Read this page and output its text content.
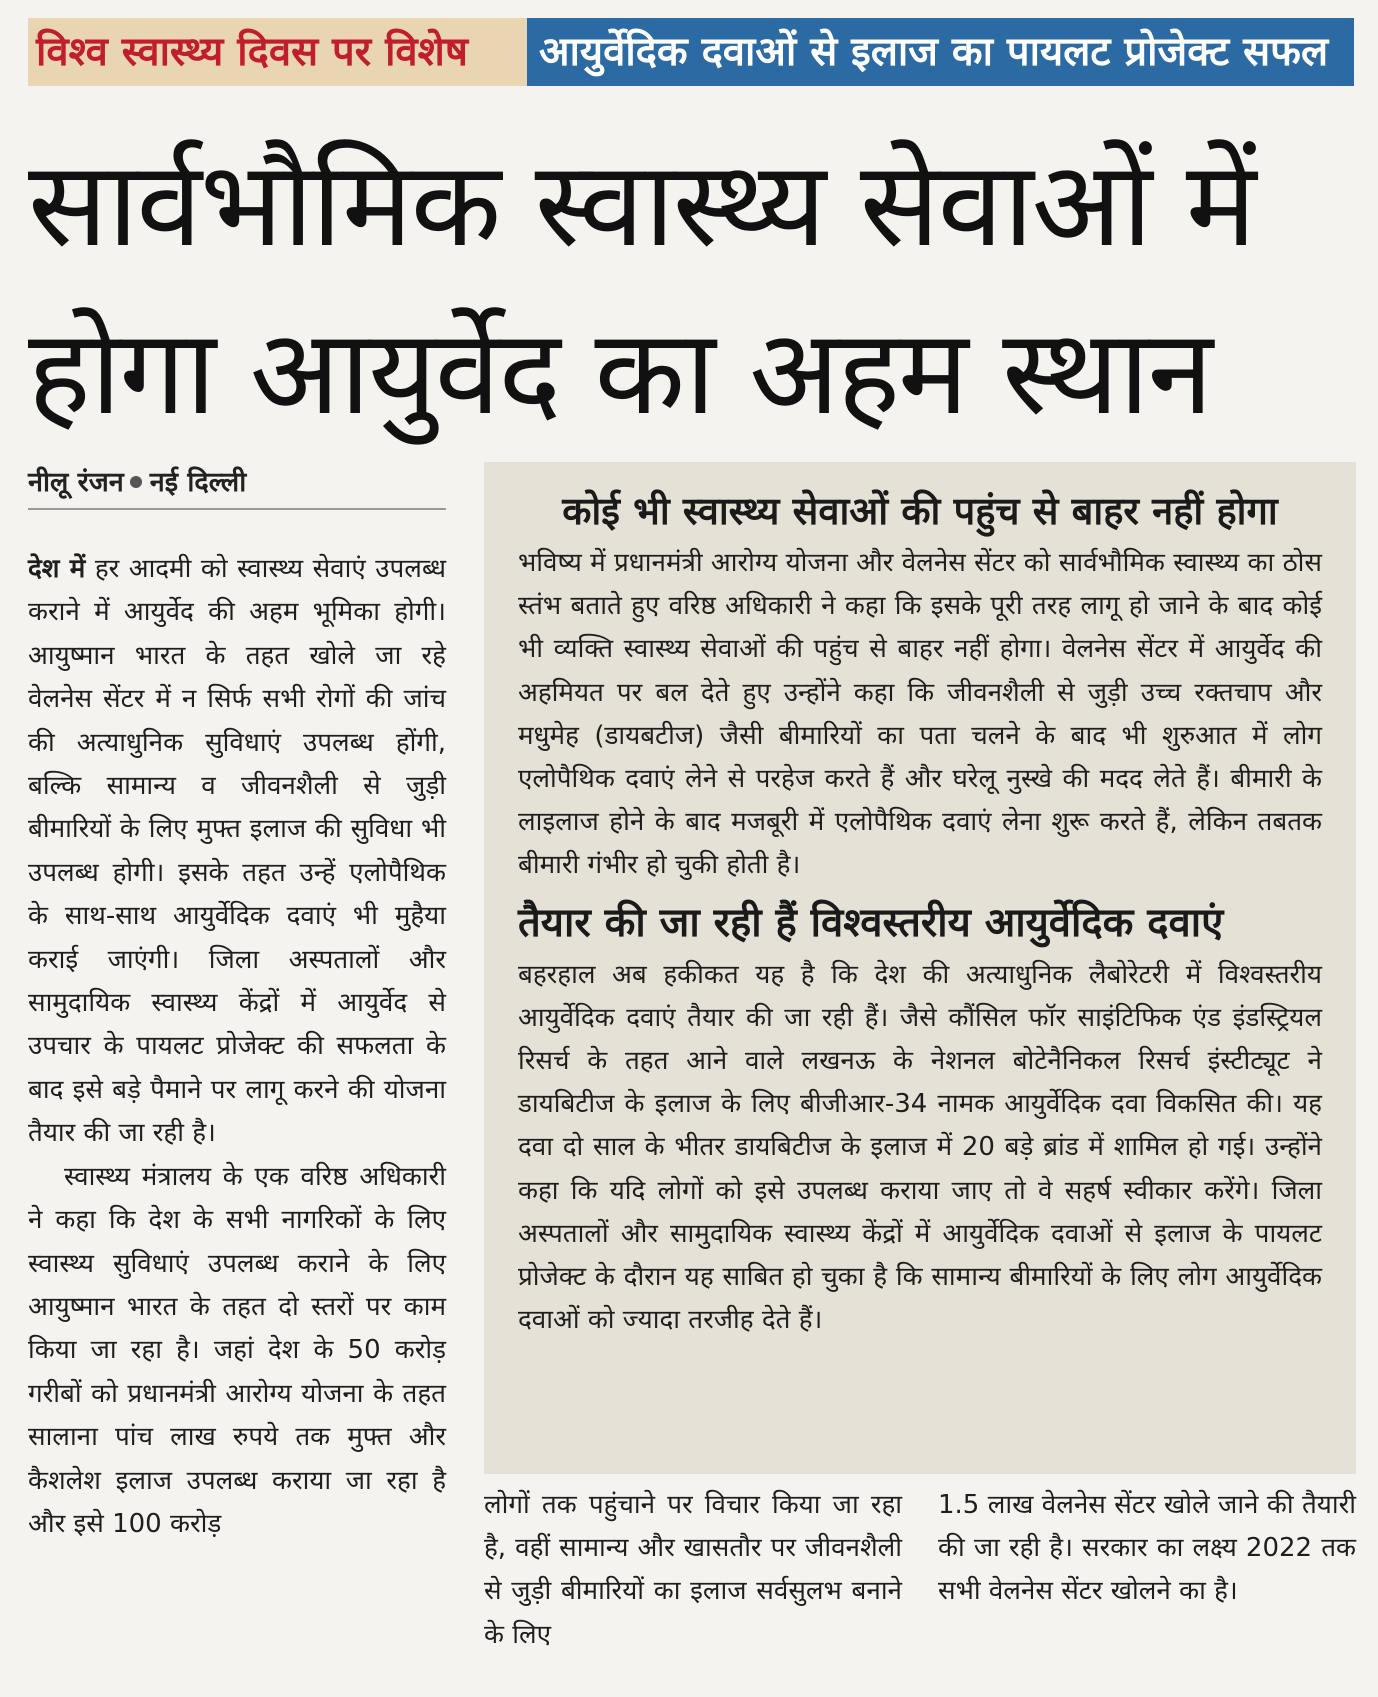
विश्व स्वास्थ्य दिवस पर विशेष	आयुर्वेदिक दवाओं से इलाज का पायलट प्रोजेक्ट सफल
सार्वभौमिक स्वास्थ्य सेवाओं में
होगा आयुर्वेद का अहम स्थान
नीलू रंजन नई दिल्ली

देश में हर आदमी को स्वास्थ्य सेवाएं उपलब्ध कराने में आयुर्वेद की अहम भूमिका होगी। आयुष्मान भारत के तहत खोले जा रहे वेलनेस सेंटर में न सिर्फ सभी रोगों की जांच की अत्याधुनिक सुविधाएं उपलब्ध होंगी, बल्कि सामान्य व जीवनशैली से जुड़ी बीमारियों के लिए मुफ्त इलाज की सुविधा भी उपलब्ध होगी। इसके तहत उन्हें एलोपैथिक के साथ-साथ आयुर्वेदिक दवाएं भी मुहैया कराई जाएंगी। जिला अस्पतालों और सामुदायिक स्वास्थ्य केंद्रों में आयुर्वेद से उपचार के पायलट प्रोजेक्ट की सफलता के बाद इसे बड़े पैमाने पर लागू करने की योजना तैयार की जा रही है।

स्वास्थ्य मंत्रालय के एक वरिष्ठ अधिकारी ने कहा कि देश के सभी नागरिकों के लिए स्वास्थ्य सुविधाएं उपलब्ध कराने के लिए आयुष्मान भारत के तहत दो स्तरों पर काम किया जा रहा है। जहां देश के 50 करोड़ गरीबों को प्रधानमंत्री आरोग्य योजना के तहत सालाना पांच लाख रुपये तक मुफ्त और कैशलेश इलाज उपलब्ध कराया जा रहा है और इसे 100 करोड़

कोई भी स्वास्थ्य सेवाओं की पहुंच से बाहर नहीं होगा

भविष्य में प्रधानमंत्री आरोग्य योजना और वेलनेस सेंटर को सार्वभौमिक स्वास्थ्य का ठोस स्तंभ बताते हुए वरिष्ठ अधिकारी ने कहा कि इसके पूरी तरह लागू हो जाने के बाद कोई भी व्यक्ति स्वास्थ्य सेवाओं की पहुंच से बाहर नहीं होगा। वेलनेस सेंटर में आयुर्वेद की अहमियत पर बल देते हुए उन्होंने कहा कि जीवनशैली से जुड़ी उच्च रक्तचाप और मधुमेह (डायबटीज) जैसी बीमारियों का पता चलने के बाद भी शुरुआत में लोग एलोपैथिक दवाएं लेने से परहेज करते हैं और घरेलू नुस्खे की मदद लेते हैं। बीमारी के लाइलाज होने के बाद मजबूरी में एलोपैथिक दवाएं लेना शुरू करते हैं, लेकिन तबतक बीमारी गंभीर हो चुकी होती है।

तैयार की जा रही हैं विश्वस्तरीय आयुर्वेदिक दवाएं

बहरहाल अब हकीकत यह है कि देश की अत्याधुनिक लैबोरेटरी में विश्वस्तरीय आयुर्वेदिक दवाएं तैयार की जा रही हैं। जैसे कौंसिल फॉर साइंटिफिक एंड इंडस्ट्रियल रिसर्च के तहत आने वाले लखनऊ के नेशनल बोटेनैनिकल रिसर्च इंस्टीट्यूट ने डायबिटीज के इलाज के लिए बीजीआर-34 नामक आयुर्वेदिक दवा विकसित की। यह दवा दो साल के भीतर डायबिटीज के इलाज में 20 बड़े ब्रांड में शामिल हो गई। उन्होंने कहा कि यदि लोगों को इसे उपलब्ध कराया जाए तो वे सहर्ष स्वीकार करेंगे। जिला अस्पतालों और सामुदायिक स्वास्थ्य केंद्रों में आयुर्वेदिक दवाओं से इलाज के पायलट प्रोजेक्ट के दौरान यह साबित हो चुका है कि सामान्य बीमारियों के लिए लोग आयुर्वेदिक दवाओं को ज्यादा तरजीह देते हैं।

लोगों तक पहुंचाने पर विचार किया जा रहा है, वहीं सामान्य और खासतौर पर जीवनशैली से जुड़ी बीमारियों का इलाज सर्वसुलभ बनाने के लिए

1.5 लाख वेलनेस सेंटर खोले जाने की तैयारी की जा रही है। सरकार का लक्ष्य 2022 तक सभी वेलनेस सेंटर खोलने का है।
